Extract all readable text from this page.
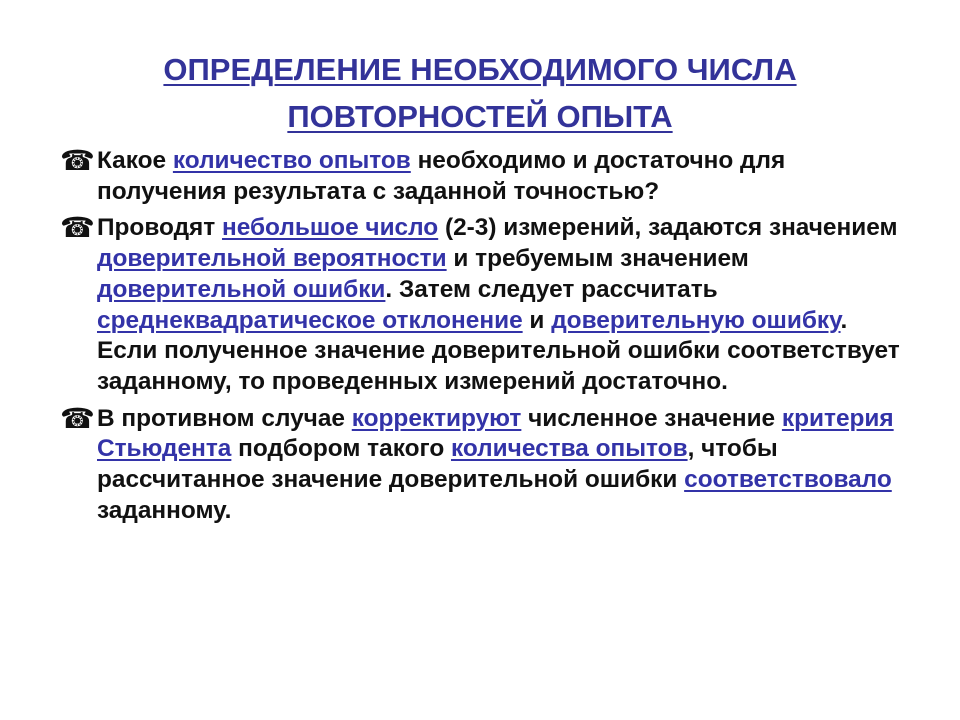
ОПРЕДЕЛЕНИЕ НЕОБХОДИМОГО ЧИСЛА
ПОВТОРНОСТЕЙ ОПЫТА
☎ Какое количество опытов необходимо и достаточно для получения результата с заданной точностью?
☎ Проводят небольшое число (2-3) измерений, задаются значением доверительной вероятности и требуемым значением доверительной ошибки. Затем следует рассчитать среднеквадратическое отклонение и доверительную ошибку. Если полученное значение доверительной ошибки соответствует заданному, то проведенных измерений достаточно.
☎ В противном случае корректируют численное значение критерия Стьюдента подбором такого количества опытов, чтобы рассчитанное значение доверительной ошибки соответствовало заданному.
